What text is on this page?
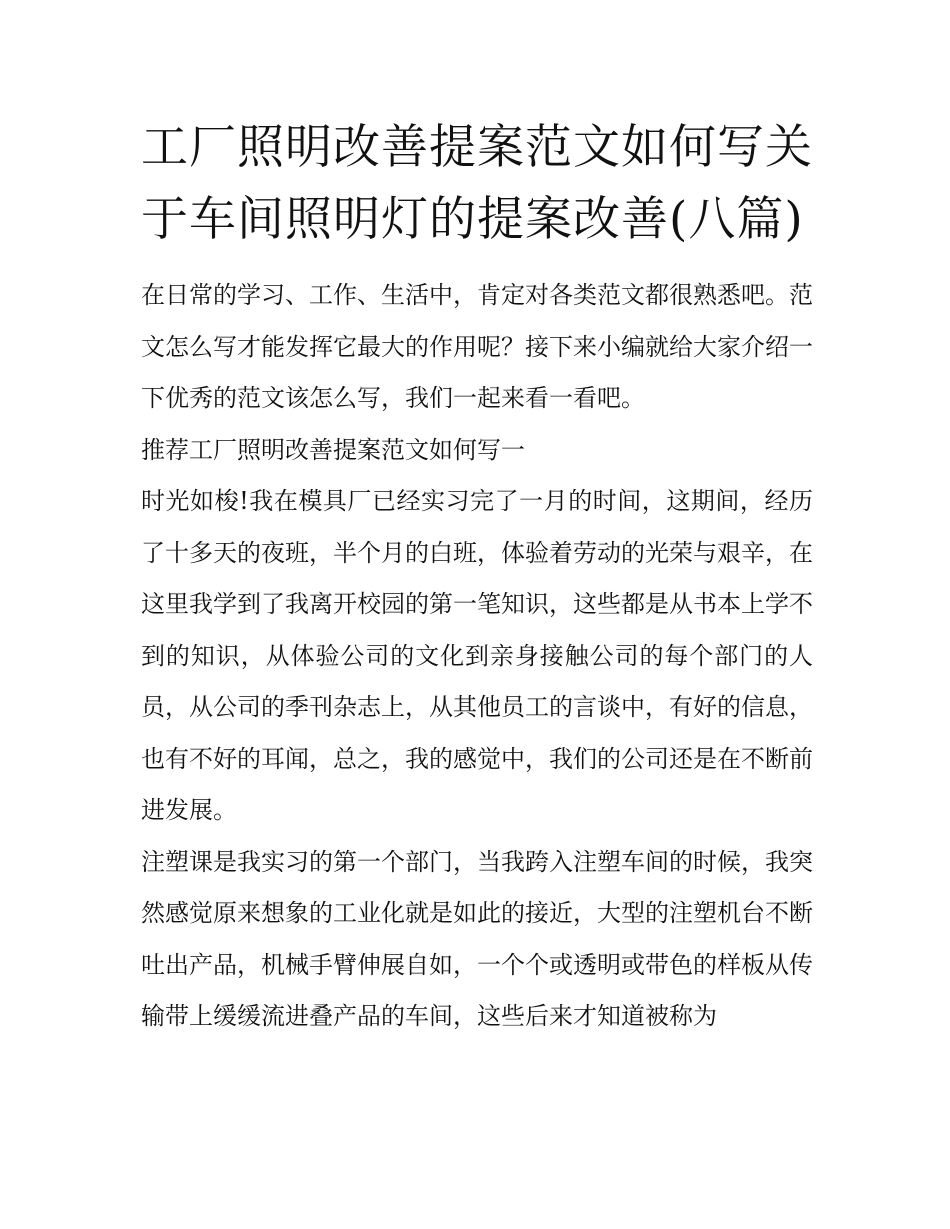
工厂照明改善提案范文如何写关于车间照明灯的提案改善(八篇)

在日常的学习、工作、生活中，肯定对各类范文都很熟悉吧。范文怎么写才能发挥它最大的作用呢？接下来小编就给大家介绍一下优秀的范文该怎么写，我们一起来看一看吧。

推荐工厂照明改善提案范文如何写一

时光如梭!我在模具厂已经实习完了一月的时间，这期间，经历了十多天的夜班，半个月的白班，体验着劳动的光荣与艰辛，在这里我学到了我离开校园的第一笔知识，这些都是从书本上学不到的知识，从体验公司的文化到亲身接触公司的每个部门的人员，从公司的季刊杂志上，从其他员工的言谈中，有好的信息，也有不好的耳闻，总之，我的感觉中，我们的公司还是在不断前进发展。

注塑课是我实习的第一个部门，当我跨入注塑车间的时候，我突然感觉原来想象的工业化就是如此的接近，大型的注塑机台不断吐出产品，机械手臂伸展自如，一个个或透明或带色的样板从传输带上缓缓流进叠产品的车间，这些后来才知道被称为
